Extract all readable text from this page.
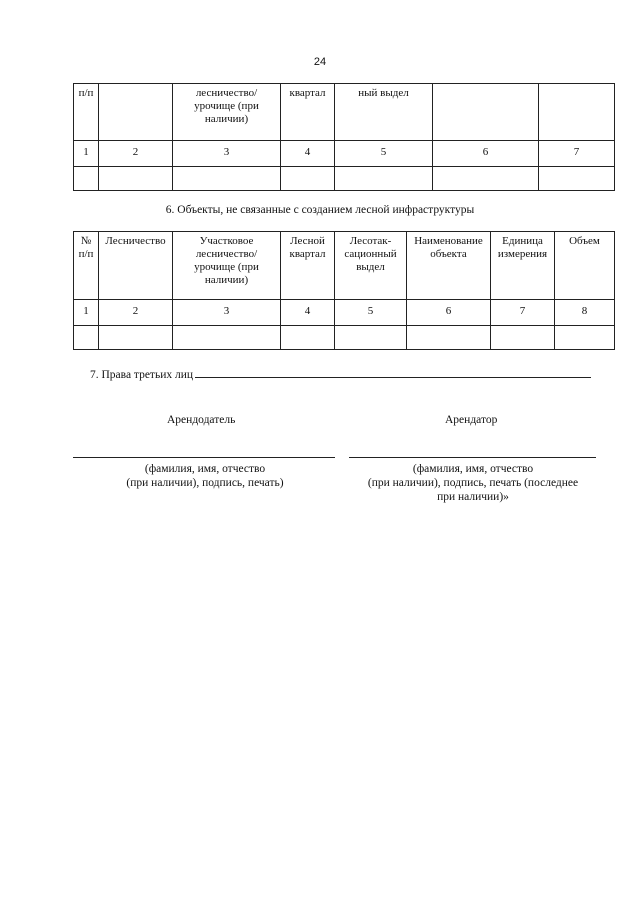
24
п/п		лесничество/ урочище (при наличии)	квартал	ный выдел		
1	2	3	4	5	6	7

6. Объекты, не связанные с созданием лесной инфраструктуры
№ п/п	Лесничество	Участковое лесничество/ урочище (при наличии)	Лесной квартал	Лесотак- сационный выдел	Наименование объекта	Единица измерения	Объем
1	2	3	4	5	6	7	8

7. Права третьих лиц
Арендодатель	Арендатор
(фамилия, имя, отчество
(при наличии), подпись, печать)
(фамилия, имя, отчество
(при наличии), подпись, печать (последнее
при наличии)»
